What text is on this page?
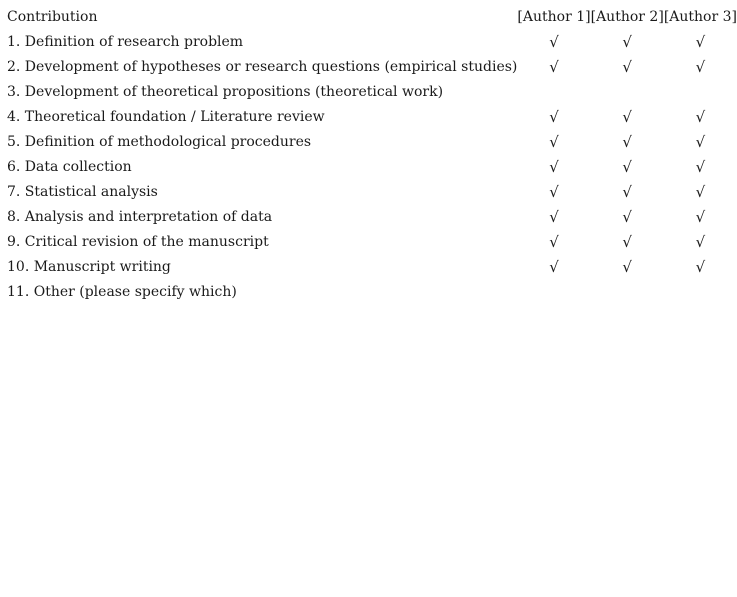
Contribution	[Author 1]	[Author 2]	[Author 3]
1. Definition of research problem	√	√	√
2. Development of hypotheses or research questions (empirical studies)	√	√	√
3. Development of theoretical propositions (theoretical work)			
4. Theoretical foundation / Literature review	√	√	√
5. Definition of methodological procedures	√	√	√
6. Data collection	√	√	√
7. Statistical analysis	√	√	√
8. Analysis and interpretation of data	√	√	√
9. Critical revision of the manuscript	√	√	√
10. Manuscript writing	√	√	√
11. Other (please specify which)			
